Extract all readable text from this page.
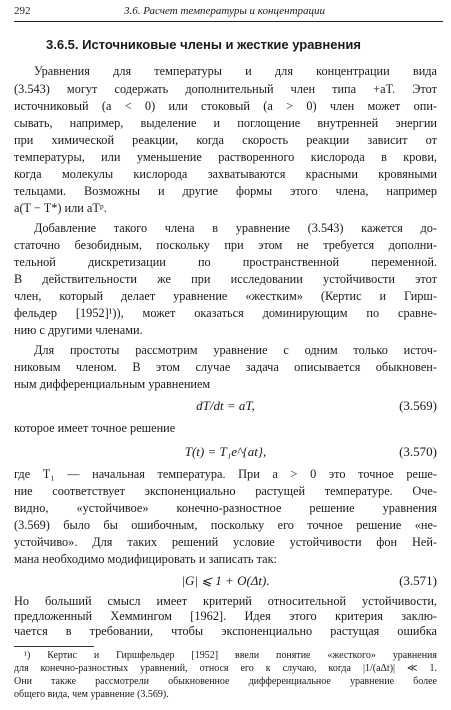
292	3.6. Расчет температуры и концентрации
3.6.5. Источниковые члены и жесткие уравнения
Уравнения для температуры и для концентрации вида
(3.543) могут содержать дополнительный член типа +aT. Этот
источниковый (a < 0) или стоковый (a > 0) член может опи-
сывать, например, выделение и поглощение внутренней энергии
при химической реакции, когда скорость реакции зависит от
температуры, или уменьшение растворенного кислорода в крови,
когда молекулы кислорода захватываются красными кровяными
тельцами. Возможны и другие формы этого члена, например
a(T − T*) или aTᵖ.
Добавление такого члена в уравнение (3.543) кажется до-
статочно безобидным, поскольку при этом не требуется дополни-
тельной дискретизации по пространственной переменной.
В действительности же при исследовании устойчивости этот
член, который делает уравнение «жестким» (Кертис и Гирш-
фельдер [1952]¹)), может оказаться доминирующим по сравне-
нию с другими членами.
Для простоты рассмотрим уравнение с одним только источ-
никовым членом. В этом случае задача описывается обыкновен-
ным дифференциальным уравнением
dT/dt = aT,	(3.569)
которое имеет точное решение
T(t) = T₁e^{at},	(3.570)
где T₁ — начальная температура. При a > 0 это точное реше-
ние соответствует экспоненциально растущей температуре. Оче-
видно, «устойчивое» конечно-разностное решение уравнения
(3.569) было бы ошибочным, поскольку его точное решение «не-
устойчиво». Для таких решений условие устойчивости фон Ней-
мана необходимо модифицировать и записать так:
|G| ⩽ 1 + O(Δt).	(3.571)
Но больший смысл имеет критерий относительной устойчивости,
предложенный Хеммингом [1962]. Идея этого критерия заклю-
чается в требовании, чтобы экспоненциально растущая ошибка
¹) Кертис и Гиршфельдер [1952] ввели понятие «жесткого» уравнения
для конечно-разностных уравнений, относя его к случаю, когда |1/(aΔt)| ≪ 1.
Они также рассмотрели обыкновенное дифференциальное уравнение более
общего вида, чем уравнение (3.569).
